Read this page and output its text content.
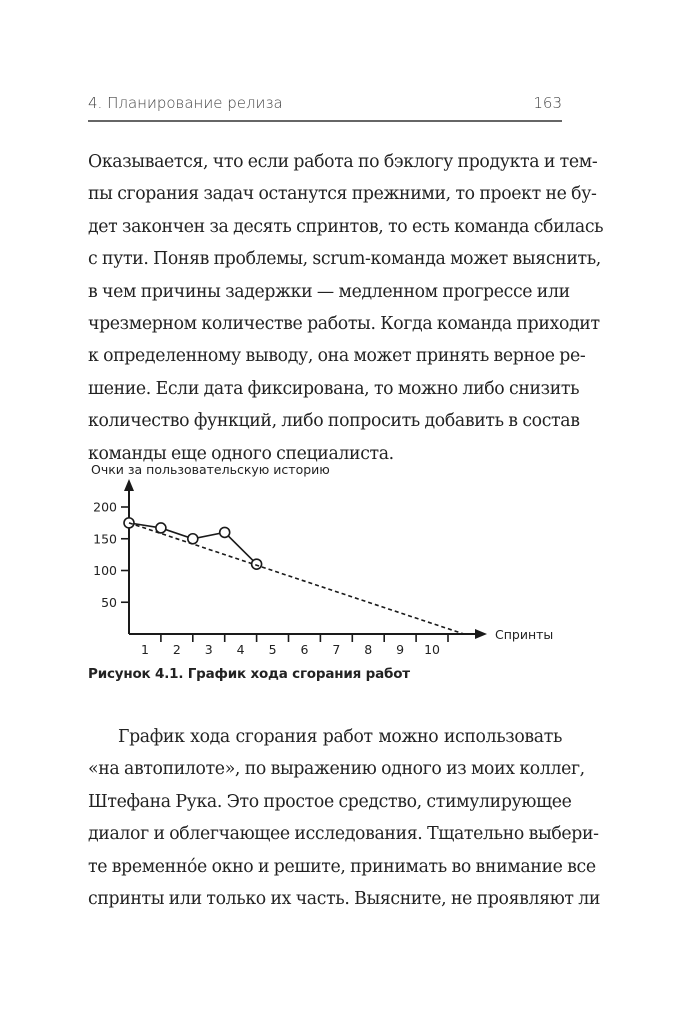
4. Планирование релиза	163
Оказывается, что если работа по бэклогу продукта и тем-
пы сгорания задач останутся прежними, то проект не бу-
дет закончен за десять спринтов, то есть команда сбилась
с пути. Поняв проблемы, scrum-команда может выяснить,
в чем причины задержки — медленном прогрессе или
чрезмерном количестве работы. Когда команда приходит
к определенному выводу, она может принять верное ре-
шение. Если дата фиксирована, то можно либо снизить
количество функций, либо попросить добавить в состав
команды еще одного специалиста.
Очки за пользовательскую историю
Спринты
200
150
100
50
1 2 3 4 5 6 7 8 9 10
Рисунок 4.1. График хода сгорания работ
График хода сгорания работ можно использовать
«на автопилоте», по выражению одного из моих коллег,
Штефана Рука. Это простое средство, стимулирующее
диалог и облегчающее исследования. Тщательно выбери-
те временнóе окно и решите, принимать во внимание все
спринты или только их часть. Выясните, не проявляют ли
